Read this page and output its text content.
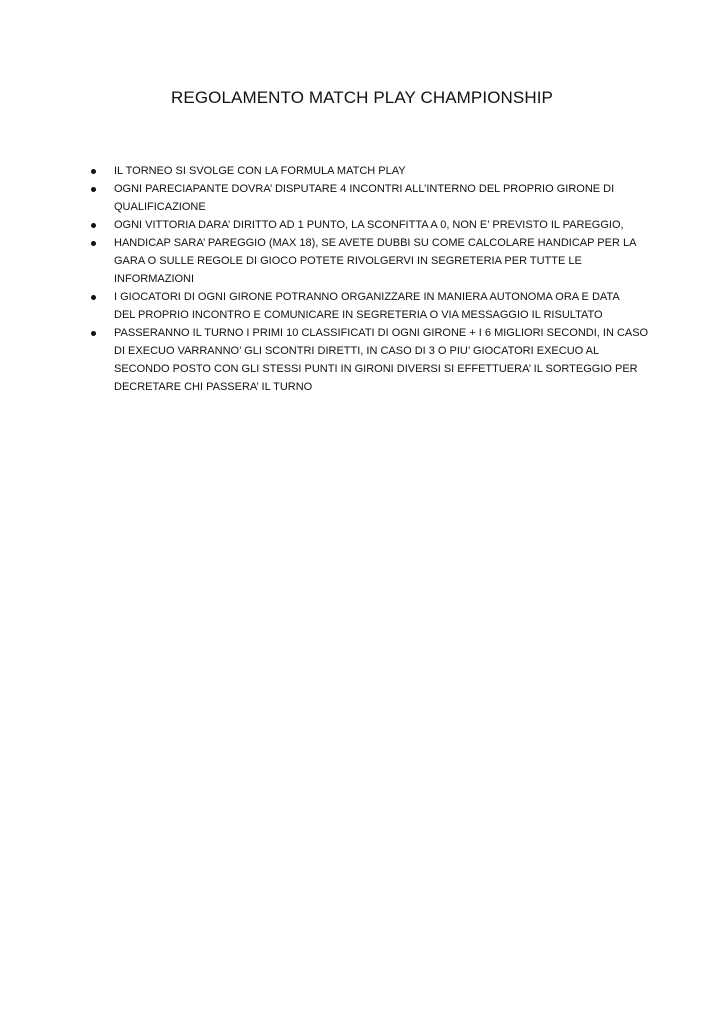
REGOLAMENTO MATCH PLAY CHAMPIONSHIP
IL TORNEO SI SVOLGE CON LA FORMULA MATCH PLAY
OGNI PARECIAPANTE DOVRA’ DISPUTARE 4 INCONTRI ALL’INTERNO DEL PROPRIO GIRONE DI
QUALIFICAZIONE
OGNI VITTORIA DARA’ DIRITTO AD 1 PUNTO, LA SCONFITTA A 0, NON E’ PREVISTO IL PAREGGIO,
HANDICAP SARA’ PAREGGIO (MAX 18), SE AVETE DUBBI SU COME CALCOLARE HANDICAP PER LA
GARA O SULLE REGOLE DI GIOCO POTETE RIVOLGERVI IN SEGRETERIA PER TUTTE LE
INFORMAZIONI
I GIOCATORI DI OGNI GIRONE POTRANNO ORGANIZZARE IN MANIERA AUTONOMA ORA E DATA
DEL PROPRIO INCONTRO E COMUNICARE IN SEGRETERIA O VIA MESSAGGIO IL RISULTATO
PASSERANNO IL TURNO I PRIMI 10 CLASSIFICATI DI OGNI GIRONE + I 6 MIGLIORI SECONDI, IN CASO
DI EXECUO VARRANNO’ GLI SCONTRI DIRETTI, IN CASO DI 3 O PIU’ GIOCATORI EXECUO AL
SECONDO POSTO CON GLI STESSI PUNTI IN GIRONI DIVERSI SI EFFETTUERA’ IL SORTEGGIO PER
DECRETARE CHI PASSERA’ IL TURNO
